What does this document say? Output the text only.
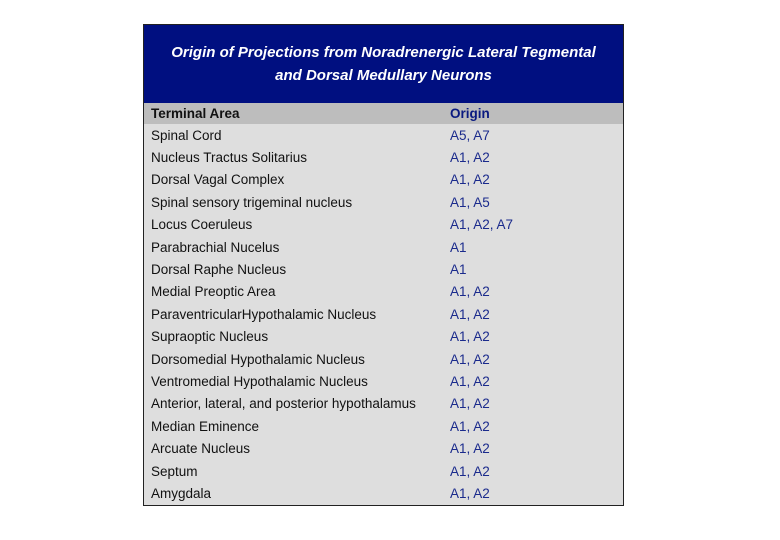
Origin of Projections from Noradrenergic Lateral Tegmental
and Dorsal Medullary Neurons
Terminal Area	Origin
Spinal Cord	A5, A7
Nucleus Tractus Solitarius	A1, A2
Dorsal Vagal Complex	A1, A2
Spinal sensory trigeminal nucleus	A1, A5
Locus Coeruleus	A1, A2, A7
Parabrachial Nucelus	A1
Dorsal Raphe Nucleus	A1
Medial Preoptic Area	A1, A2
ParaventricularHypothalamic Nucleus	A1, A2
Supraoptic Nucleus	A1, A2
Dorsomedial Hypothalamic Nucleus	A1, A2
Ventromedial Hypothalamic Nucleus	A1, A2
Anterior, lateral, and posterior hypothalamus	A1, A2
Median Eminence	A1, A2
Arcuate Nucleus	A1, A2
Septum	A1, A2
Amygdala	A1, A2
